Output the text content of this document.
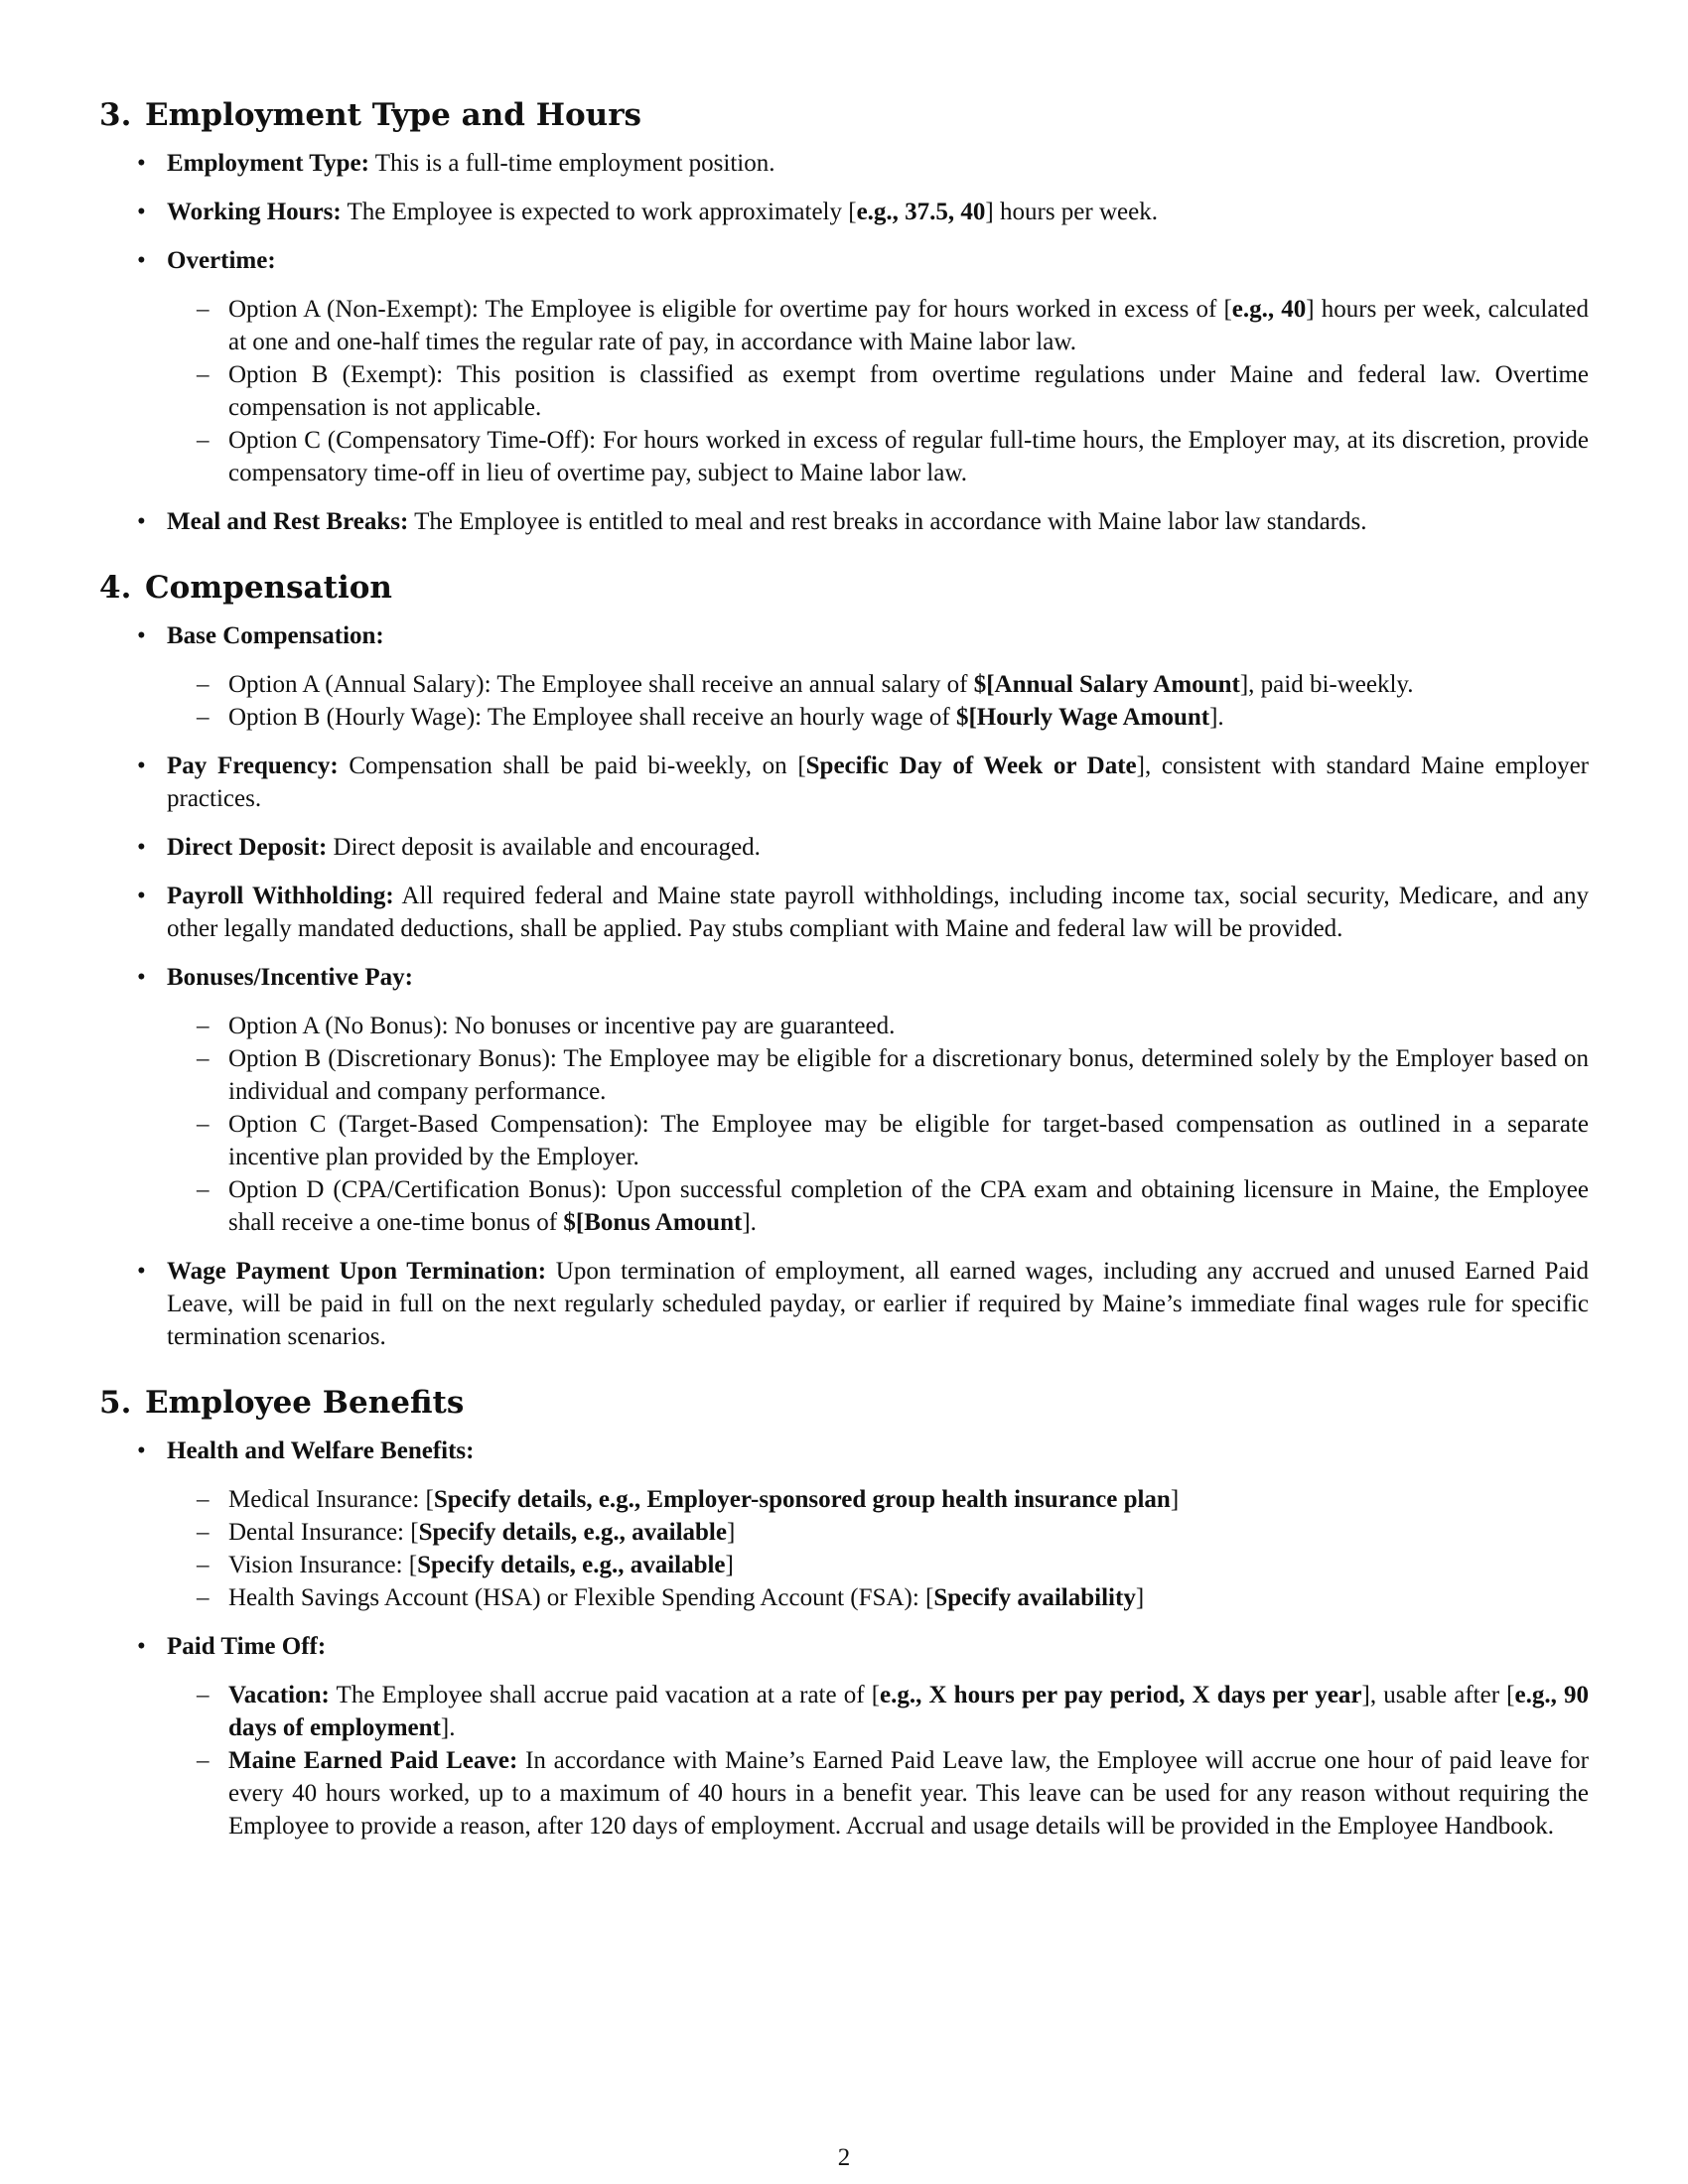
3. Employment Type and Hours
• Employment Type: This is a full-time employment position.
• Working Hours: The Employee is expected to work approximately [e.g., 37.5, 40] hours per week.
• Overtime:
– Option A (Non-Exempt): The Employee is eligible for overtime pay for hours worked in excess of [e.g., 40] hours per week, calculated at one and one-half times the regular rate of pay, in accordance with Maine labor law.
– Option B (Exempt): This position is classified as exempt from overtime regulations under Maine and federal law. Overtime compensation is not applicable.
– Option C (Compensatory Time-Off): For hours worked in excess of regular full-time hours, the Employer may, at its discretion, provide compensatory time-off in lieu of overtime pay, subject to Maine labor law.
• Meal and Rest Breaks: The Employee is entitled to meal and rest breaks in accordance with Maine labor law standards.
4. Compensation
• Base Compensation:
– Option A (Annual Salary): The Employee shall receive an annual salary of $[Annual Salary Amount], paid bi-weekly.
– Option B (Hourly Wage): The Employee shall receive an hourly wage of $[Hourly Wage Amount].
• Pay Frequency: Compensation shall be paid bi-weekly, on [Specific Day of Week or Date], consistent with standard Maine employer practices.
• Direct Deposit: Direct deposit is available and encouraged.
• Payroll Withholding: All required federal and Maine state payroll withholdings, including income tax, social security, Medicare, and any other legally mandated deductions, shall be applied. Pay stubs compliant with Maine and federal law will be provided.
• Bonuses/Incentive Pay:
– Option A (No Bonus): No bonuses or incentive pay are guaranteed.
– Option B (Discretionary Bonus): The Employee may be eligible for a discretionary bonus, determined solely by the Employer based on individual and company performance.
– Option C (Target-Based Compensation): The Employee may be eligible for target-based compensation as outlined in a separate incentive plan provided by the Employer.
– Option D (CPA/Certification Bonus): Upon successful completion of the CPA exam and obtaining licensure in Maine, the Employee shall receive a one-time bonus of $[Bonus Amount].
• Wage Payment Upon Termination: Upon termination of employment, all earned wages, including any accrued and unused Earned Paid Leave, will be paid in full on the next regularly scheduled payday, or earlier if required by Maine’s immediate final wages rule for specific termination scenarios.
5. Employee Benefits
• Health and Welfare Benefits:
– Medical Insurance: [Specify details, e.g., Employer-sponsored group health insurance plan]
– Dental Insurance: [Specify details, e.g., available]
– Vision Insurance: [Specify details, e.g., available]
– Health Savings Account (HSA) or Flexible Spending Account (FSA): [Specify availability]
• Paid Time Off:
– Vacation: The Employee shall accrue paid vacation at a rate of [e.g., X hours per pay period, X days per year], usable after [e.g., 90 days of employment].
– Maine Earned Paid Leave: In accordance with Maine’s Earned Paid Leave law, the Employee will accrue one hour of paid leave for every 40 hours worked, up to a maximum of 40 hours in a benefit year. This leave can be used for any reason without requiring the Employee to provide a reason, after 120 days of employment. Accrual and usage details will be provided in the Employee Handbook.
2
